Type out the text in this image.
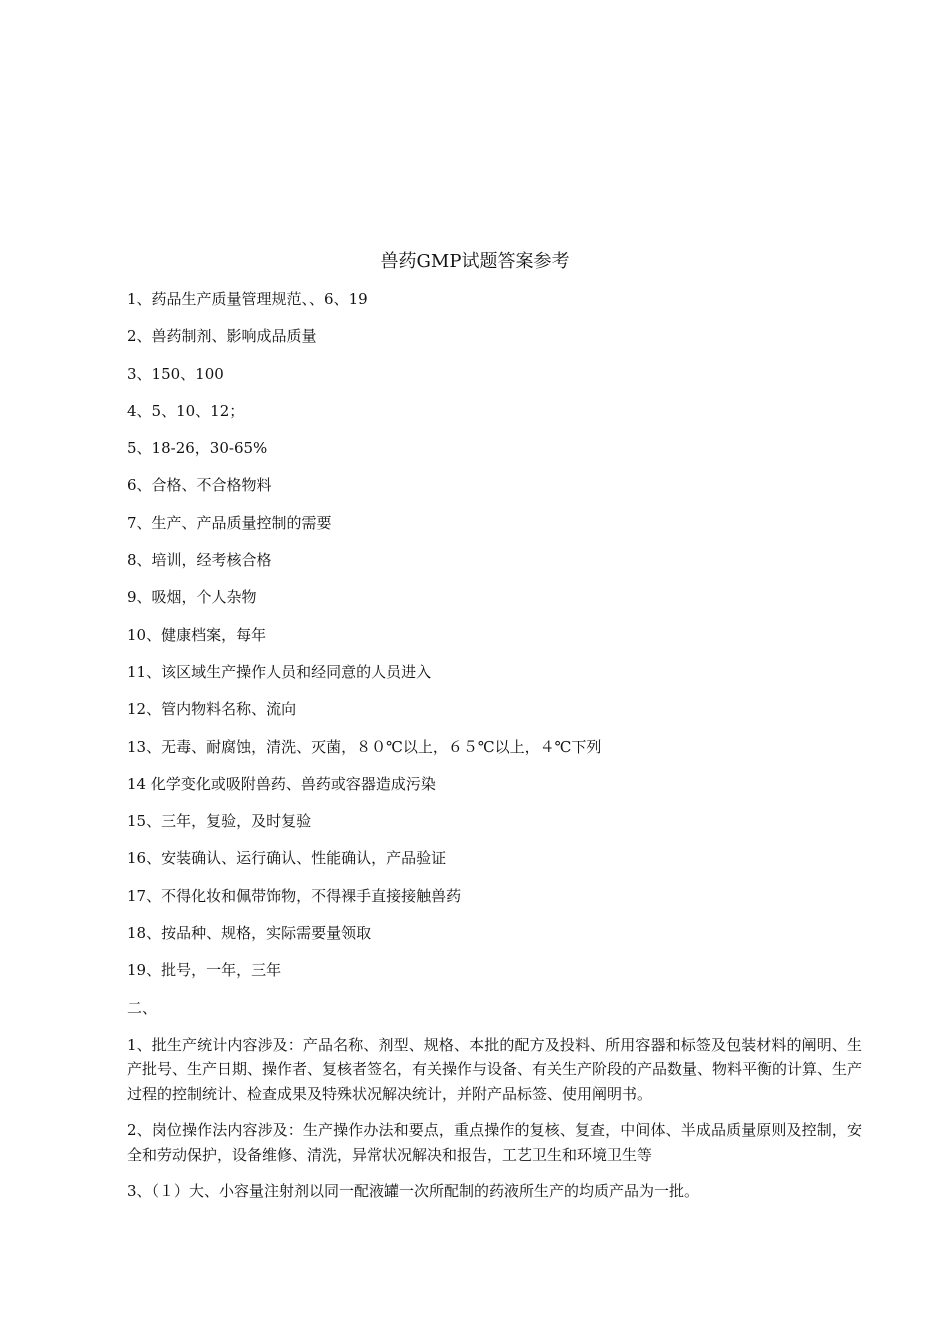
兽药GMP试题答案参考
1、药品生产质量管理规范、、6、19
2、兽药制剂、影响成品质量
3、150、100
4、5、10、12；
5、18-26，30-65%
6、合格、不合格物料
7、生产、产品质量控制的需要
8、培训，经考核合格
9、吸烟，个人杂物
10、健康档案，每年
11、该区域生产操作人员和经同意的人员进入
12、管内物料名称、流向
13、无毒、耐腐蚀，清洗、灭菌，８０℃以上，６５℃以上，４℃下列
14 化学变化或吸附兽药、兽药或容器造成污染
15、三年，复验，及时复验
16、安装确认、运行确认、性能确认，产品验证
17、不得化妆和佩带饰物，不得裸手直接接触兽药
18、按品种、规格，实际需要量领取
19、批号，一年，三年
二、
1、批生产统计内容涉及：产品名称、剂型、规格、本批的配方及投料、所用容器和标签及包装材料的阐明、生产批号、生产日期、操作者、复核者签名，有关操作与设备、有关生产阶段的产品数量、物料平衡的计算、生产过程的控制统计、检查成果及特殊状况解决统计，并附产品标签、使用阐明书。
2、岗位操作法内容涉及：生产操作办法和要点，重点操作的复核、复查，中间体、半成品质量原则及控制，安全和劳动保护，设备维修、清洗，异常状况解决和报告，工艺卫生和环境卫生等
3、（１）大、小容量注射剂以同一配液罐一次所配制的药液所生产的均质产品为一批。
